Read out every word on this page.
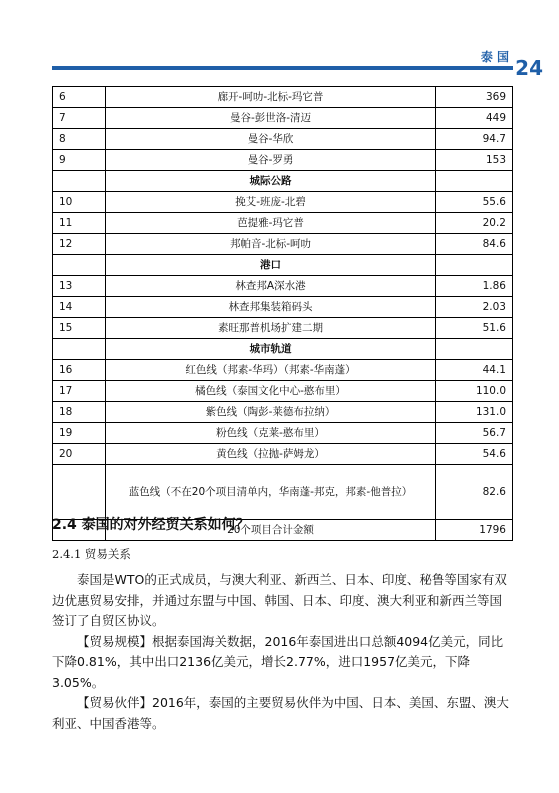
泰 国 24
6	廊开-呵叻-北标-玛它普	369
7	曼谷-彭世洛-清迈	449
8	曼谷-华欣	94.7
9	曼谷-罗勇	153
	城际公路	
10	挽艾-班庞-北碧	55.6
11	芭提雅-玛它普	20.2
12	邦帕音-北标-呵叻	84.6
	港口	
13	林查邦A深水港	1.86
14	林查邦集装箱码头	2.03
15	素旺那普机场扩建二期	51.6
	城市轨道	
16	红色线（邦素-华玛）（邦素-华南蓬）	44.1
17	橘色线（泰国文化中心-憨布里）	110.0
18	紫色线（陶彭-莱德布拉纳）	131.0
19	粉色线（克莱-憨布里）	56.7
20	黄色线（拉抛-萨姆龙）	54.6
	蓝色线（不在20个项目清单内，华南蓬-邦克，邦素-他普拉）	82.6
	20个项目合计金额	1796
2.4 泰国的对外经贸关系如何？
2.4.1 贸易关系

泰国是WTO的正式成员，与澳大利亚、新西兰、日本、印度、秘鲁等国家有双边优惠贸易安排，并通过东盟与中国、韩国、日本、印度、澳大利亚和新西兰等国签订了自贸区协议。

【贸易规模】根据泰国海关数据，2016年泰国进出口总额4094亿美元，同比下降0.81%，其中出口2136亿美元，增长2.77%，进口1957亿美元，下降3.05%。

【贸易伙伴】2016年，泰国的主要贸易伙伴为中国、日本、美国、东盟、澳大利亚、中国香港等。
